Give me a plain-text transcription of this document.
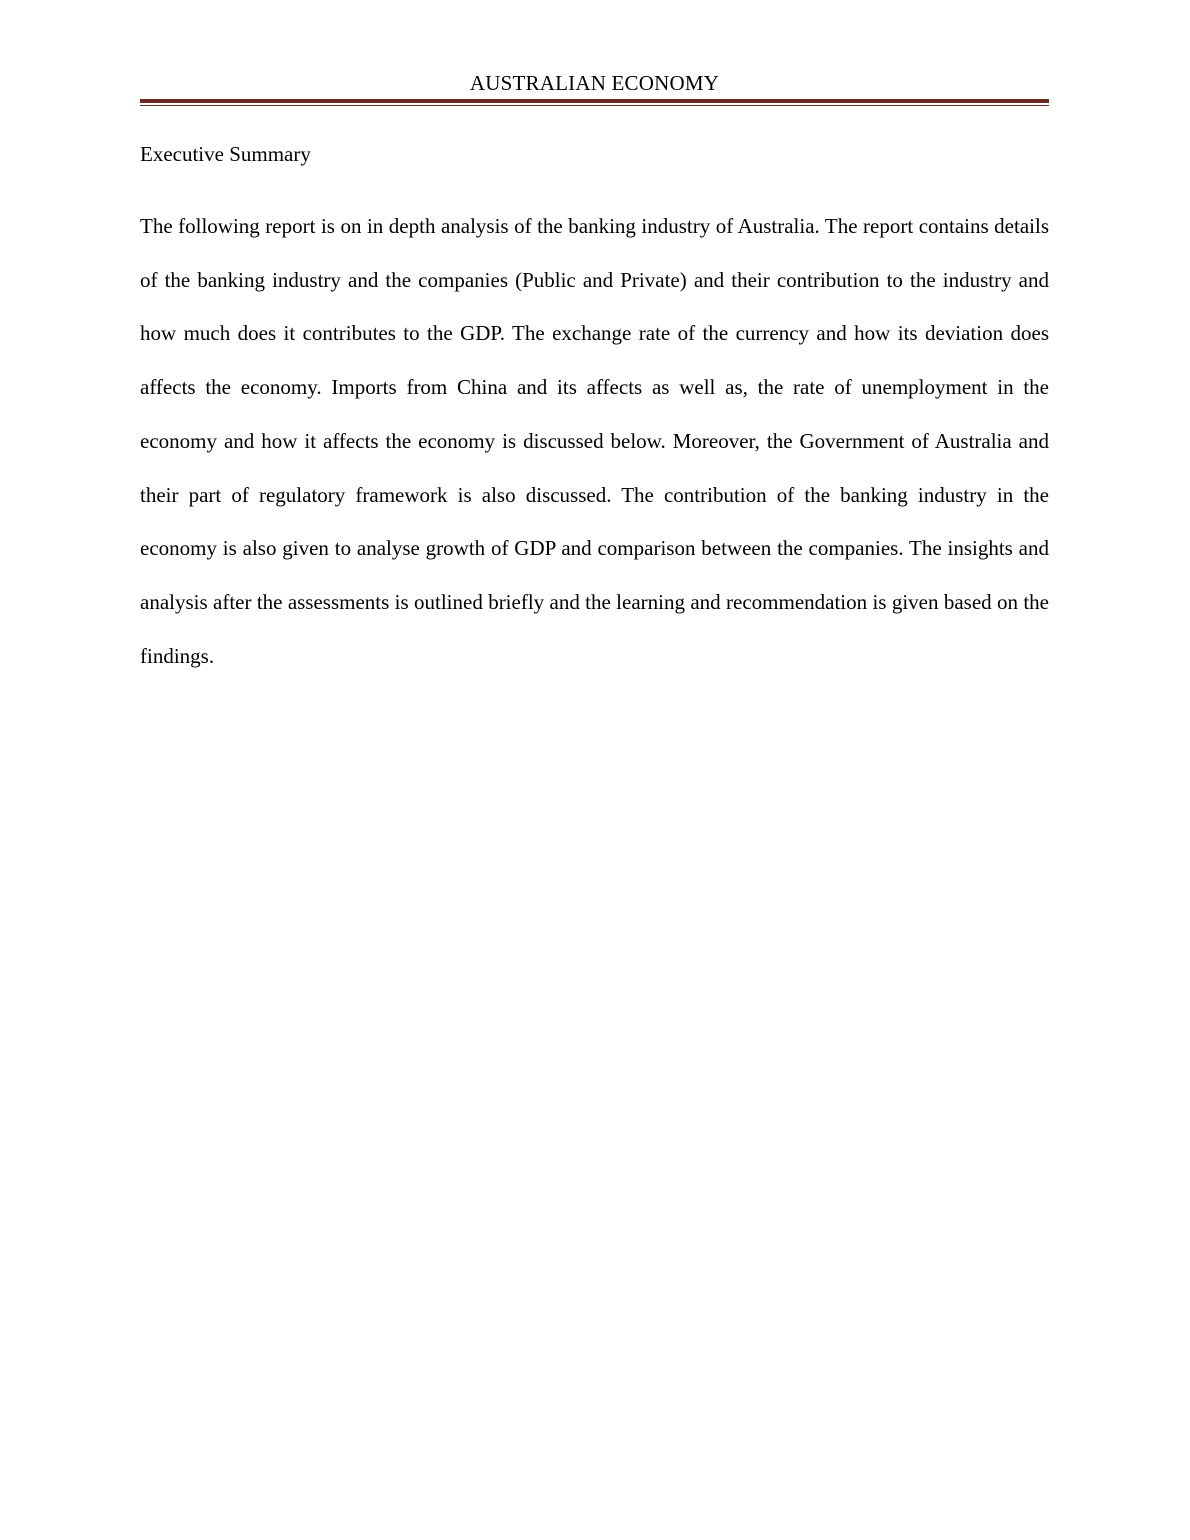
AUSTRALIAN ECONOMY
Executive Summary

The following report is on in depth analysis of the banking industry of Australia. The report contains details of the banking industry and the companies (Public and Private) and their contribution to the industry and how much does it contributes to the GDP. The exchange rate of the currency and how its deviation does affects the economy. Imports from China and its affects as well as, the rate of unemployment in the economy and how it affects the economy is discussed below. Moreover, the Government of Australia and their part of regulatory framework is also discussed. The contribution of the banking industry in the economy is also given to analyse growth of GDP and comparison between the companies. The insights and analysis after the assessments is outlined briefly and the learning and recommendation is given based on the findings.
